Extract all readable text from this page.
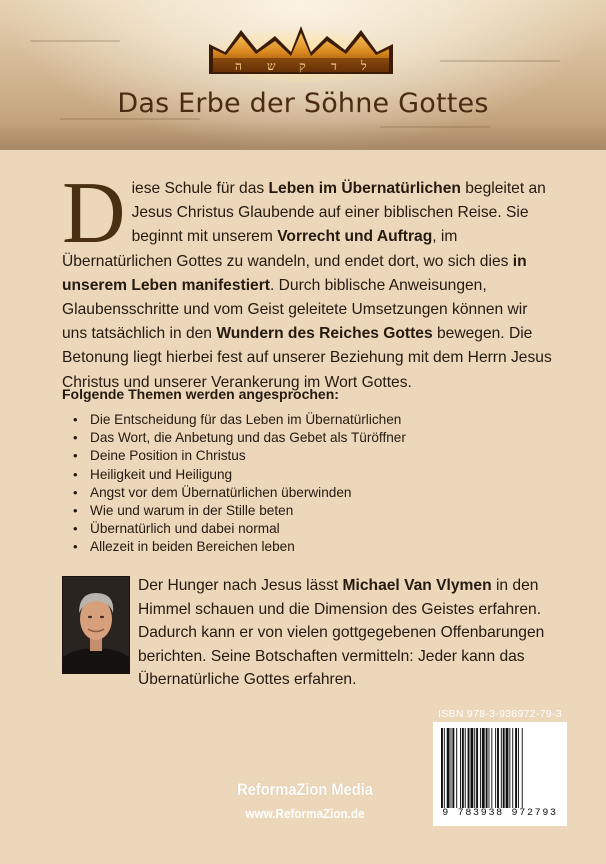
ה ש ק ד ל
Das Erbe der Söhne Gottes
D iese Schule für das Leben im Übernatürlichen begleitet an Jesus Christus Glaubende auf einer biblischen Reise. Sie beginnt mit unserem Vorrecht und Auftrag, im Übernatürlichen Gottes zu wandeln, und endet dort, wo sich dies in unserem Leben manifestiert. Durch biblische Anweisungen, Glaubensschritte und vom Geist geleitete Umsetzungen können wir uns tatsächlich in den Wundern des Reiches Gottes bewegen. Die Betonung liegt hierbei fest auf unserer Beziehung mit dem Herrn Jesus Christus und unserer Verankerung im Wort Gottes.
Folgende Themen werden angesprochen:
• Die Entscheidung für das Leben im Übernatürlichen
• Das Wort, die Anbetung und das Gebet als Türöffner
• Deine Position in Christus
• Heiligkeit und Heiligung
• Angst vor dem Übernatürlichen überwinden
• Wie und warum in der Stille beten
• Übernatürlich und dabei normal
• Allezeit in beiden Bereichen leben
Der Hunger nach Jesus lässt Michael Van Vlymen in den Himmel schauen und die Dimension des Geistes erfahren. Dadurch kann er von vielen gottgegebenen Offenbarungen berichten. Seine Botschaften vermitteln: Jeder kann das Übernatürliche Gottes erfahren.
ISBN 978-3-938972-79-3
9 783938 972793
ReformaZion Media
www.ReformaZion.de
